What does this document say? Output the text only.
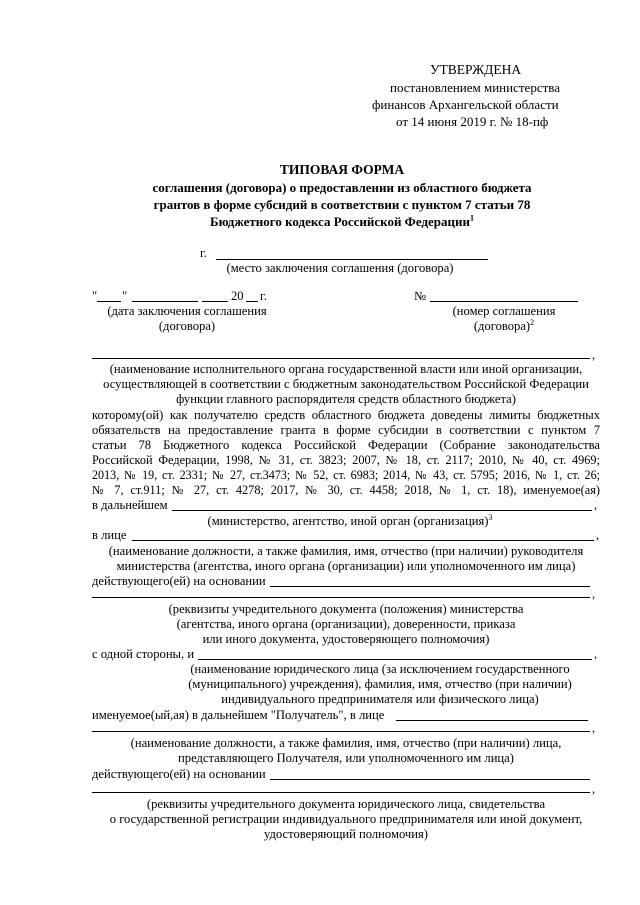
УТВЕРЖДЕНА
постановлением министерства
финансов Архангельской области
от 14 июня 2019 г. № 18-пф
ТИПОВАЯ ФОРМА
соглашения (договора) о предоставлении из областного бюджета
грантов в форме субсидий в соответствии с пунктом 7 статьи 78
Бюджетного кодекса Российской Федерации$^1$
г.
(место заключения соглашения (договора)
" "	20 г.
(дата заключения соглашения
(договора)
№
(номер соглашения
(договора)$^2$
,
(наименование исполнительного органа государственной власти или иной организации,
осуществляющей в соответствии с бюджетным законодательством Российской Федерации
функции главного распорядителя средств областного бюджета)
которому(ой) как получателю средств областного бюджета доведены лимиты бюджетных
обязательств на предоставление гранта в форме субсидии в соответствии с пунктом 7
статьи 78 Бюджетного кодекса Российской Федерации (Собрание законодательства
Российской Федерации, 1998, № 31, ст. 3823; 2007, № 18, ст. 2117; 2010, № 40, ст. 4969;
2013, № 19, ст. 2331; № 27, ст.3473; № 52, ст. 6983; 2014, № 43, ст. 5795; 2016, № 1, ст. 26;
№ 7, ст.911; № 27, ст. 4278; 2017, № 30, ст. 4458; 2018, № 1, ст. 18), именуемое(ая)
в дальнейшем	,
(министерство, агентство, иной орган (организация)$^3$
в лице	,
(наименование должности, а также фамилия, имя, отчество (при наличии) руководителя
министерства (агентства, иного органа (организации) или уполномоченного им лица)
действующего(ей) на основании
,
(реквизиты учредительного документа (положения) министерства
(агентства, иного органа (организации), доверенности, приказа
или иного документа, удостоверяющего полномочия)
с одной стороны, и	,
(наименование юридического лица (за исключением государственного
(муниципального) учреждения), фамилия, имя, отчество (при наличии)
индивидуального предпринимателя или физического лица)
именуемое(ый,ая) в дальнейшем "Получатель", в лице
,
(наименование должности, а также фамилия, имя, отчество (при наличии) лица,
представляющего Получателя, или уполномоченного им лица)
действующего(ей) на основании
,
(реквизиты учредительного документа юридического лица, свидетельства
о государственной регистрации индивидуального предпринимателя или иной документ,
удостоверяющий полномочия)
